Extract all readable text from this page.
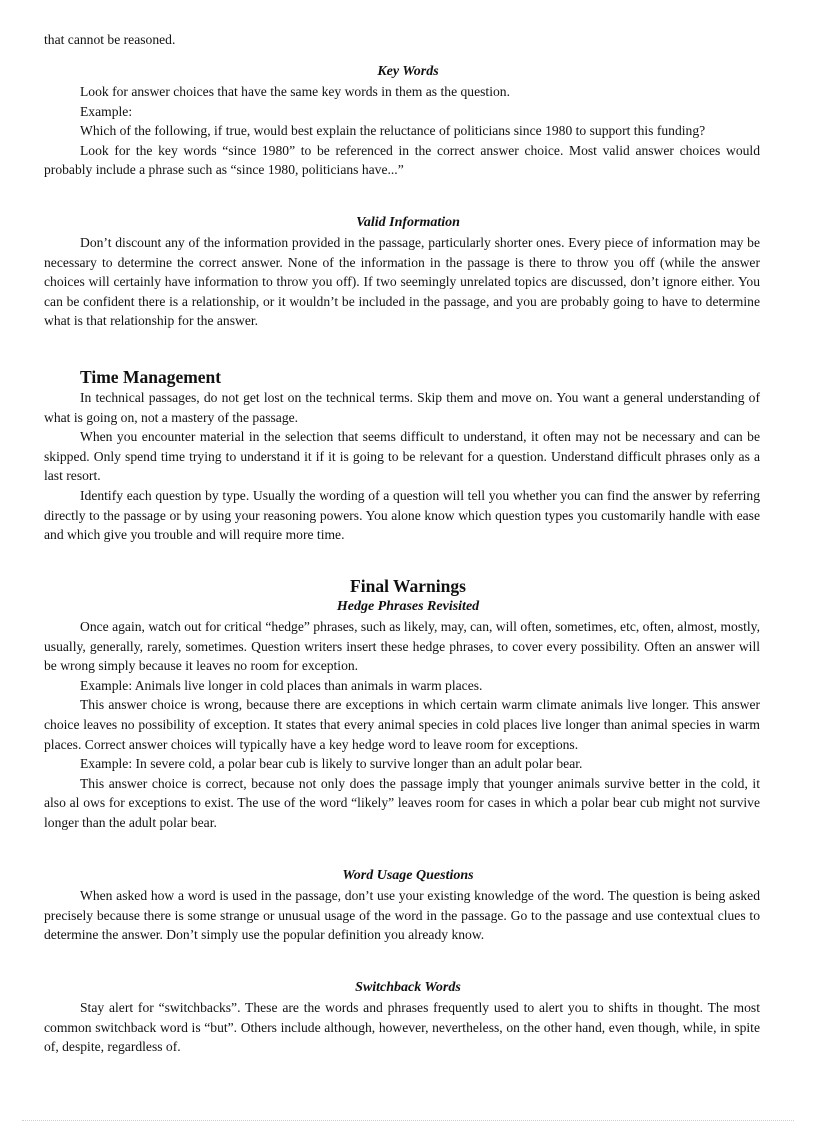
that cannot be reasoned.

Key Words

Look for answer choices that have the same key words in them as the question.

Example:

Which of the following, if true, would best explain the reluctance of politicians since 1980 to support this funding?

Look for the key words “since 1980” to be referenced in the correct answer choice. Most valid answer choices would probably include a phrase such as “since 1980, politicians have...”

Valid Information

Don’t discount any of the information provided in the passage, particularly shorter ones. Every piece of information may be necessary to determine the correct answer. None of the information in the passage is there to throw you off (while the answer choices will certainly have information to throw you off). If two seemingly unrelated topics are discussed, don’t ignore either. You can be confident there is a relationship, or it wouldn’t be included in the passage, and you are probably going to have to determine what is that relationship for the answer.

Time Management

In technical passages, do not get lost on the technical terms. Skip them and move on. You want a general understanding of what is going on, not a mastery of the passage.

When you encounter material in the selection that seems difficult to understand, it often may not be necessary and can be skipped. Only spend time trying to understand it if it is going to be relevant for a question. Understand difficult phrases only as a last resort.

Identify each question by type. Usually the wording of a question will tell you whether you can find the answer by referring directly to the passage or by using your reasoning powers. You alone know which question types you customarily handle with ease and which give you trouble and will require more time.

Final Warnings
Hedge Phrases Revisited

Once again, watch out for critical “hedge” phrases, such as likely, may, can, will often, sometimes, etc, often, almost, mostly, usually, generally, rarely, sometimes. Question writers insert these hedge phrases, to cover every possibility. Often an answer will be wrong simply because it leaves no room for exception.

Example: Animals live longer in cold places than animals in warm places.

This answer choice is wrong, because there are exceptions in which certain warm climate animals live longer. This answer choice leaves no possibility of exception. It states that every animal species in cold places live longer than animal species in warm places. Correct answer choices will typically have a key hedge word to leave room for exceptions.

Example: In severe cold, a polar bear cub is likely to survive longer than an adult polar bear.

This answer choice is correct, because not only does the passage imply that younger animals survive better in the cold, it also al ows for exceptions to exist. The use of the word “likely” leaves room for cases in which a polar bear cub might not survive longer than the adult polar bear.

Word Usage Questions

When asked how a word is used in the passage, don’t use your existing knowledge of the word. The question is being asked precisely because there is some strange or unusual usage of the word in the passage. Go to the passage and use contextual clues to determine the answer. Don’t simply use the popular definition you already know.

Switchback Words

Stay alert for “switchbacks”. These are the words and phrases frequently used to alert you to shifts in thought. The most common switchback word is “but”. Others include although, however, nevertheless, on the other hand, even though, while, in spite of, despite, regardless of.
